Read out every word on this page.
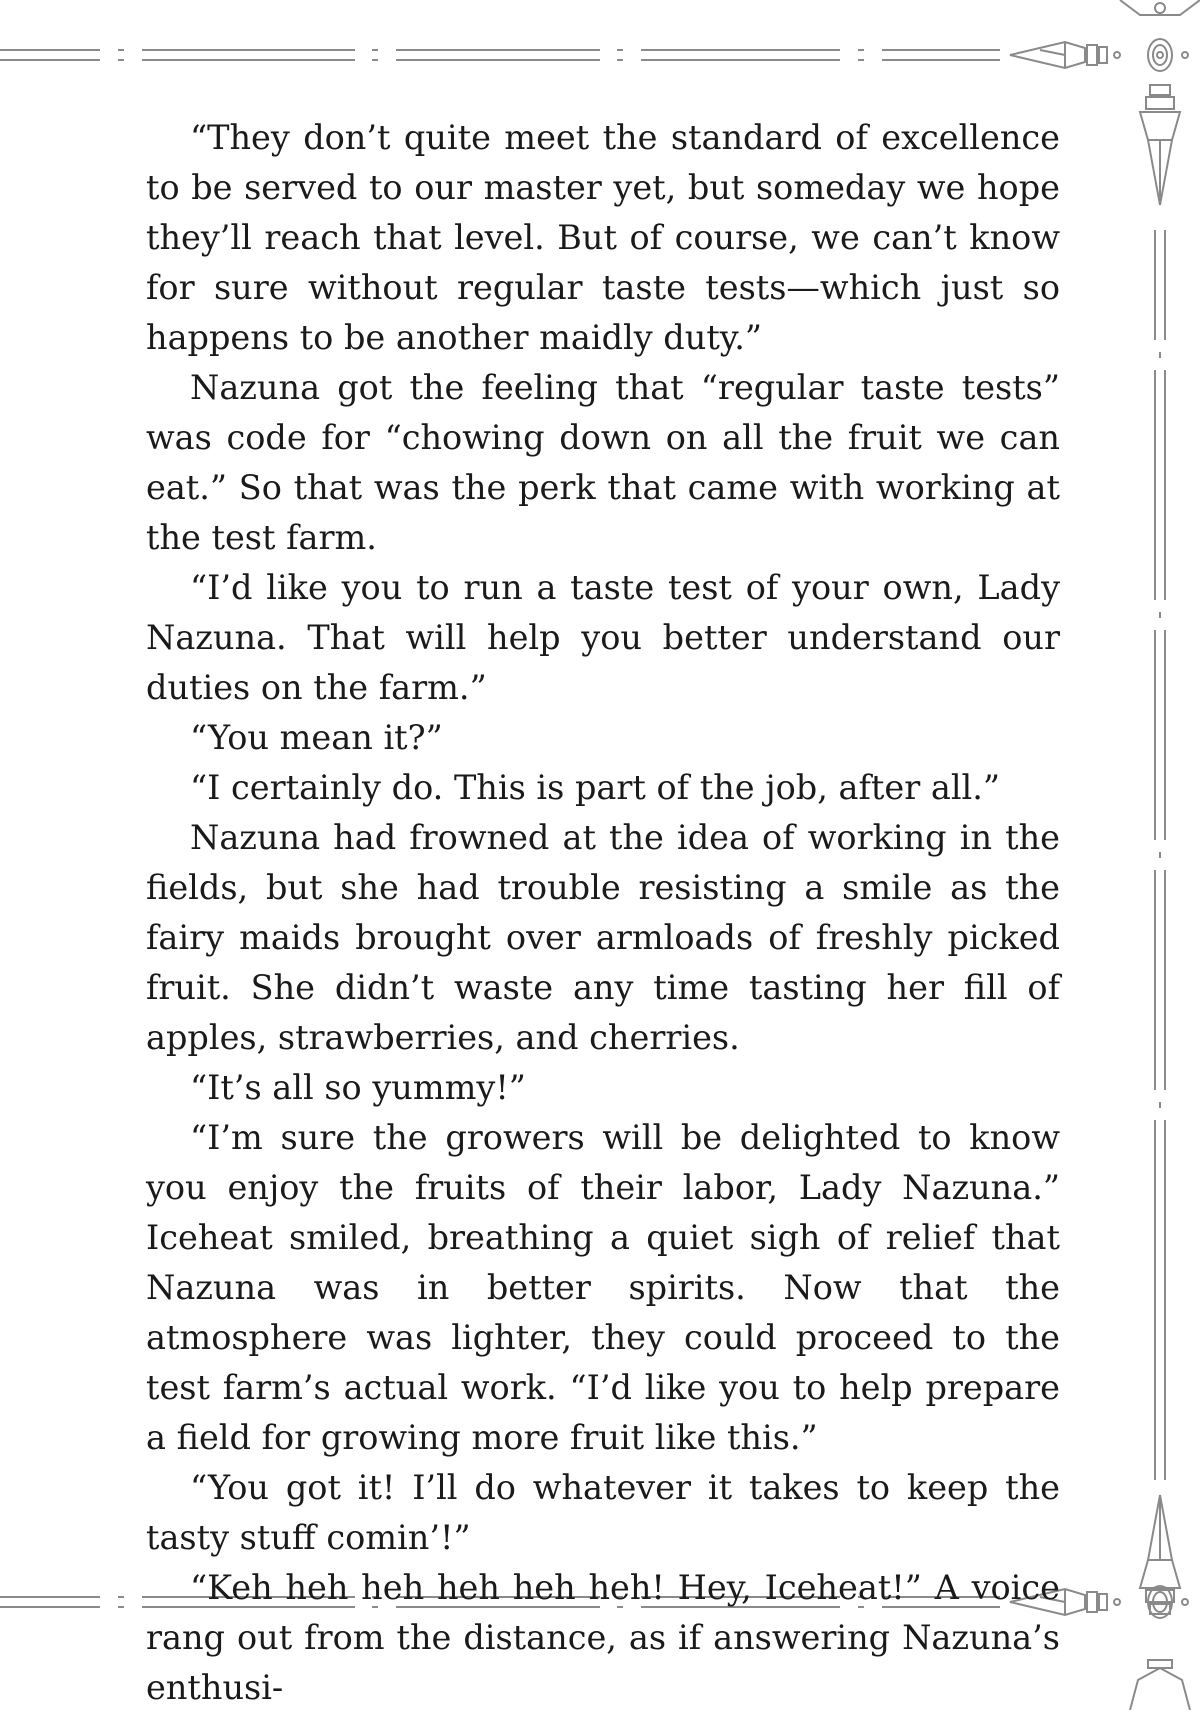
“They don’t quite meet the standard of excellence to be served to our master yet, but someday we hope they’ll reach that level. But of course, we can’t know for sure without regular taste tests—which just so happens to be another maidly duty.”

Nazuna got the feeling that “regular taste tests” was code for “chowing down on all the fruit we can eat.” So that was the perk that came with working at the test farm.

“I’d like you to run a taste test of your own, Lady Nazuna. That will help you better understand our duties on the farm.”

“You mean it?”

“I certainly do. This is part of the job, after all.”

Nazuna had frowned at the idea of working in the fields, but she had trouble resisting a smile as the fairy maids brought over armloads of freshly picked fruit. She didn’t waste any time tasting her fill of apples, strawberries, and cherries.

“It’s all so yummy!”

“I’m sure the growers will be delighted to know you enjoy the fruits of their labor, Lady Nazuna.” Iceheat smiled, breathing a quiet sigh of relief that Nazuna was in better spirits. Now that the atmosphere was lighter, they could proceed to the test farm’s actual work. “I’d like you to help prepare a field for growing more fruit like this.”

“You got it! I’ll do whatever it takes to keep the tasty stuff comin’!”

“Keh heh heh heh heh heh! Hey, Iceheat!” A voice rang out from the distance, as if answering Nazuna’s enthusi-
